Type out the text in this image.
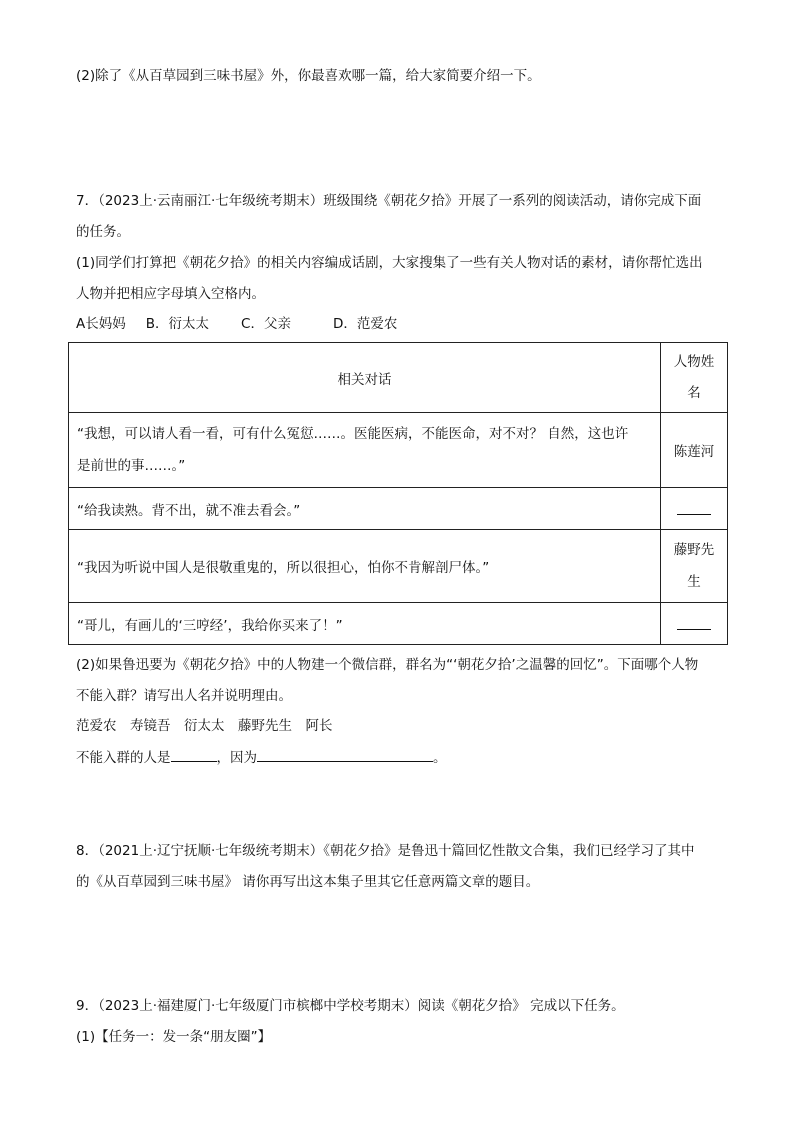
(2)除了《从百草园到三味书屋》外，你最喜欢哪一篇，给大家简要介绍一下。
7．（2023上·云南丽江·七年级统考期末）班级围绕《朝花夕拾》开展了一系列的阅读活动，请你完成下面
的任务。
(1)同学们打算把《朝花夕拾》的相关内容编成话剧，大家搜集了一些有关人物对话的素材，请你帮忙选出
人物并把相应字母填入空格内。
A长妈妈 B．衍太太 C．父亲	D．范爱农
相关对话	人物姓
名

“我想，可以请人看一看，可有什么冤愆……。医能医病，不能医命，对不对？ 自然，这也许
是前世的事……。”	陈莲河
“给我读熟。背不出，就不准去看会。”	
“我因为听说中国人是很敬重鬼的，所以很担心，怕你不肯解剖尸体。”	藤野先
生

“哥儿，有画儿的‘三哼经’，我给你买来了！”	
(2)如果鲁迅要为《朝花夕拾》中的人物建一个微信群，群名为“‘朝花夕拾’之温馨的回忆”。下面哪个人物
不能入群？请写出人名并说明理由。
范爱农　寿镜吾　衍太太　藤野先生　阿长
不能入群的人是	，因为	。
8．（2021上·辽宁抚顺·七年级统考期末）《朝花夕拾》是鲁迅十篇回忆性散文合集，我们已经学习了其中
的《从百草园到三味书屋》 请你再写出这本集子里其它任意两篇文章的题目。
9．（2023上·福建厦门·七年级厦门市槟榔中学校考期末）阅读《朝花夕拾》 完成以下任务。
(1)【任务一：发一条“朋友圈”】
